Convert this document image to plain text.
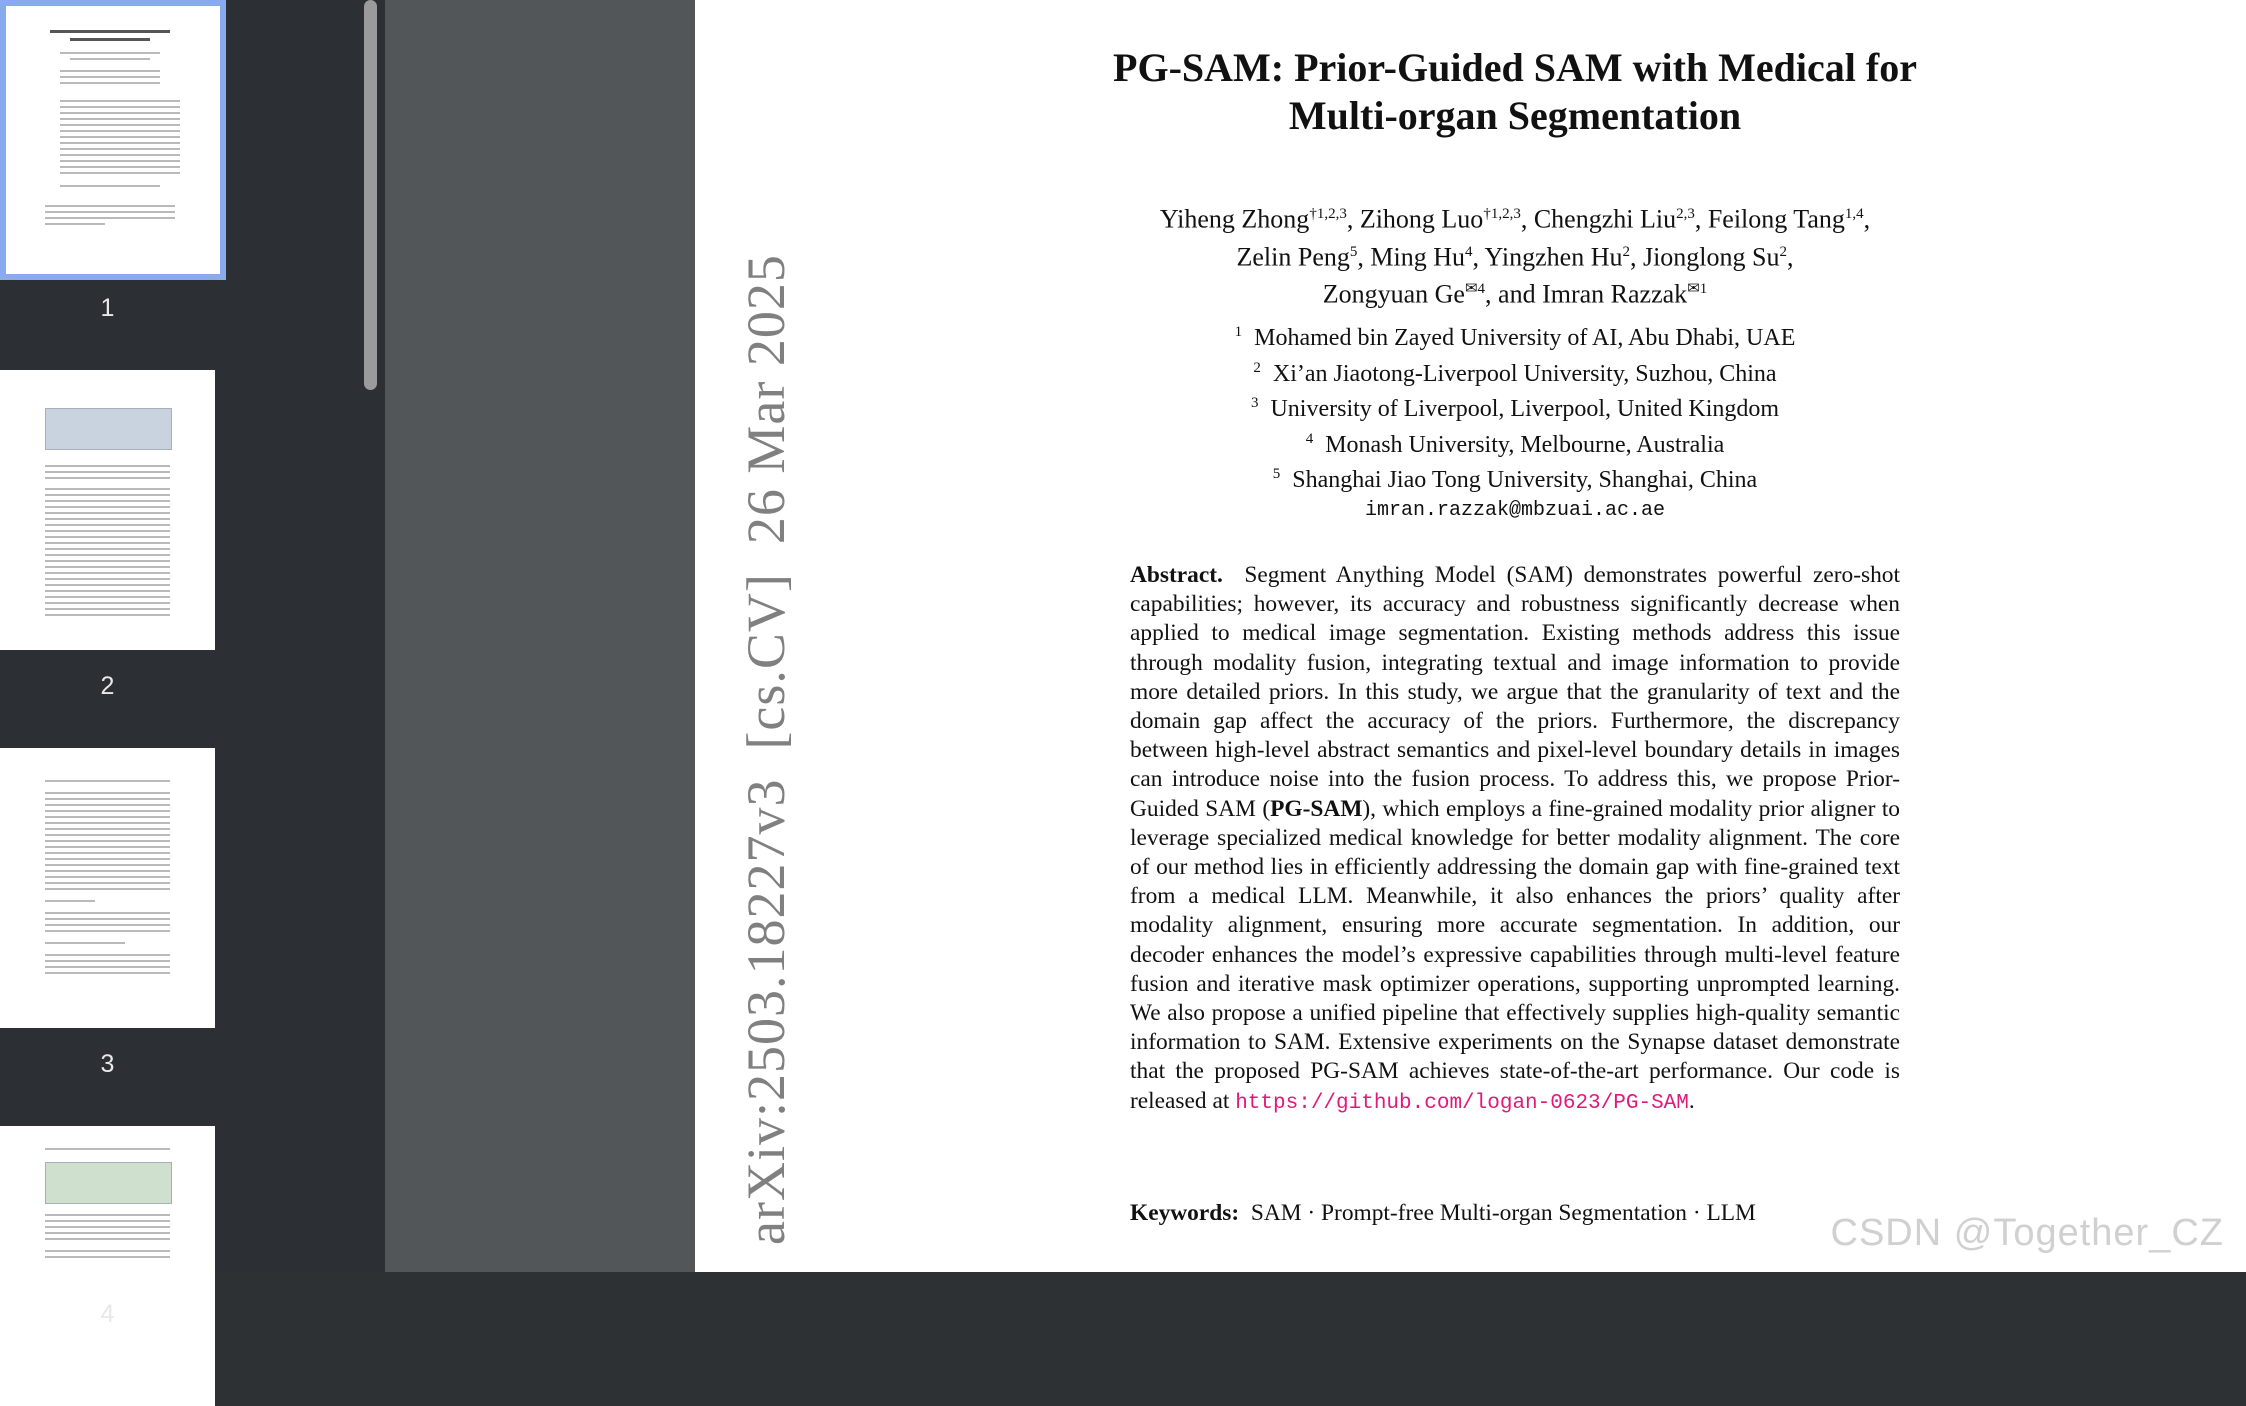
1
2
3
4
arXiv:2503.18227v3  [cs.CV]  26 Mar 2025
PG-SAM: Prior-Guided SAM with Medical for
Multi-organ Segmentation
Yiheng Zhong$^{\dagger 1,2,3}$, Zihong Luo$^{\dagger 1,2,3}$, Chengzhi Liu$^{2,3}$, Feilong Tang$^{1,4}$,
Zelin Peng$^5$, Ming Hu$^4$, Yingzhen Hu$^2$, Jionglong Su$^2$,
Zongyuan $Ge^{✉4}$, and Imran Razzak$^{✉1}$
$^1$ Mohamed bin Zayed University of AI, Abu Dhabi, UAE
$^2$ Xi’an Jiaotong-Liverpool University, Suzhou, China
$^3$ University of Liverpool, Liverpool, United Kingdom
$^4$ Monash University, Melbourne, Australia
$^5$ Shanghai Jiao Tong University, Shanghai, China
imran.razzak@mbzuai.ac.ae
Abstract. Segment Anything Model (SAM) demonstrates powerful zero-shot capabilities; however, its accuracy and robustness significantly decrease when applied to medical image segmentation. Existing methods address this issue through modality fusion, integrating textual and image information to provide more detailed priors. In this study, we argue that the granularity of text and the domain gap affect the accuracy of the priors. Furthermore, the discrepancy between high-level abstract semantics and pixel-level boundary details in images can introduce noise into the fusion process. To address this, we propose Prior-Guided SAM (PG-SAM), which employs a fine-grained modality prior aligner to leverage specialized medical knowledge for better modality alignment. The core of our method lies in efficiently addressing the domain gap with fine-grained text from a medical LLM. Meanwhile, it also enhances the priors’ quality after modality alignment, ensuring more accurate segmentation. In addition, our decoder enhances the model’s expressive capabilities through multi-level feature fusion and iterative mask optimizer operations, supporting unprompted learning. We also propose a unified pipeline that effectively supplies high-quality semantic information to SAM. Extensive experiments on the Synapse dataset demonstrate that the proposed PG-SAM achieves state-of-the-art performance. Our code is released at https://github.com/logan-0623/PG-SAM.
Keywords: SAM · Prompt-free Multi-organ Segmentation · LLM	CSDN @Together_CZ
